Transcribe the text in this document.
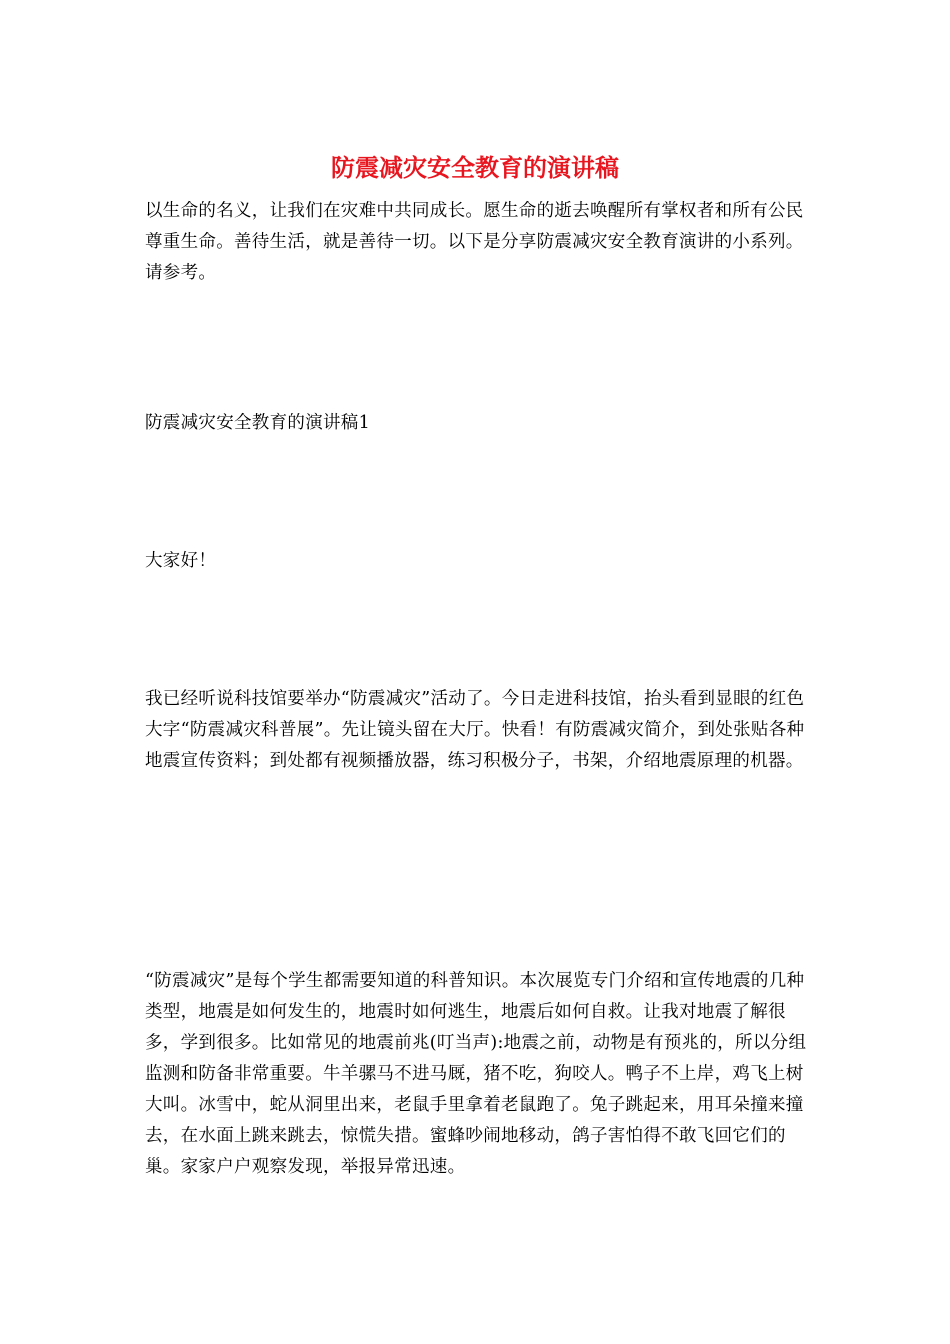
防震减灾安全教育的演讲稿

以生命的名义，让我们在灾难中共同成长。愿生命的逝去唤醒所有掌权者和所有公民尊重生命。善待生活，就是善待一切。以下是分享防震减灾安全教育演讲的小系列。请参考。

防震减灾安全教育的演讲稿1

大家好！

我已经听说科技馆要举办“防震减灾”活动了。今日走进科技馆，抬头看到显眼的红色大字“防震减灾科普展”。先让镜头留在大厅。快看！有防震减灾简介，到处张贴各种地震宣传资料；到处都有视频播放器，练习积极分子，书架，介绍地震原理的机器。

“防震减灾”是每个学生都需要知道的科普知识。本次展览专门介绍和宣传地震的几种类型，地震是如何发生的，地震时如何逃生，地震后如何自救。让我对地震了解很多，学到很多。比如常见的地震前兆(叮当声):地震之前，动物是有预兆的，所以分组监测和防备非常重要。牛羊骡马不进马厩，猪不吃，狗咬人。鸭子不上岸，鸡飞上树大叫。冰雪中，蛇从洞里出来，老鼠手里拿着老鼠跑了。兔子跳起来，用耳朵撞来撞去，在水面上跳来跳去，惊慌失措。蜜蜂吵闹地移动，鸽子害怕得不敢飞回它们的巢。家家户户观察发现，举报异常迅速。
